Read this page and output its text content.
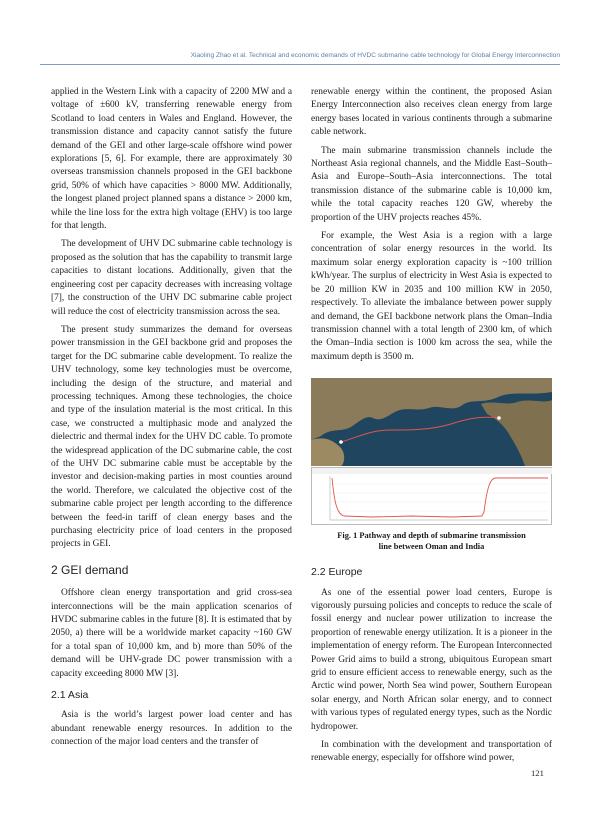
Xiaoling Zhao et al. Technical and economic demands of HVDC submarine cable technology for Global Energy Interconnection

applied in the Western Link with a capacity of 2200 MW and a voltage of ±600 kV, transferring renewable energy from Scotland to load centers in Wales and England. However, the transmission distance and capacity cannot satisfy the future demand of the GEI and other large-scale offshore wind power explorations [5, 6]. For example, there are approximately 30 overseas transmission channels proposed in the GEI backbone grid, 50% of which have capacities > 8000 MW. Additionally, the longest planed project planned spans a distance > 2000 km, while the line loss for the extra high voltage (EHV) is too large for that length.

The development of UHV DC submarine cable technology is proposed as the solution that has the capability to transmit large capacities to distant locations. Additionally, given that the engineering cost per capacity decreases with increasing voltage [7], the construction of the UHV DC submarine cable project will reduce the cost of electricity transmission across the sea.

The present study summarizes the demand for overseas power transmission in the GEI backbone grid and proposes the target for the DC submarine cable development. To realize the UHV technology, some key technologies must be overcome, including the design of the structure, and material and processing techniques. Among these technologies, the choice and type of the insulation material is the most critical. In this case, we constructed a multiphasic mode and analyzed the dielectric and thermal index for the UHV DC cable. To promote the widespread application of the DC submarine cable, the cost of the UHV DC submarine cable must be acceptable by the investor and decision-making parties in most counties around the world. Therefore, we calculated the objective cost of the submarine cable project per length according to the difference between the feed-in tariff of clean energy bases and the purchasing electricity price of load centers in the proposed projects in GEI.

2 GEI demand

Offshore clean energy transportation and grid cross-sea interconnections will be the main application scenarios of HVDC submarine cables in the future [8]. It is estimated that by 2050, a) there will be a worldwide market capacity ~160 GW for a total span of 10,000 km, and b) more than 50% of the demand will be UHV-grade DC power transmission with a capacity exceeding 8000 MW [3].

2.1 Asia

Asia is the world’s largest power load center and has abundant renewable energy resources. In addition to the connection of the major load centers and the transfer of

renewable energy within the continent, the proposed Asian Energy Interconnection also receives clean energy from large energy bases located in various continents through a submarine cable network.

The main submarine transmission channels include the Northeast Asia regional channels, and the Middle East–South–Asia and Europe–South–Asia interconnections. The total transmission distance of the submarine cable is 10,000 km, while the total capacity reaches 120 GW, whereby the proportion of the UHV projects reaches 45%.

For example, the West Asia is a region with a large concentration of solar energy resources in the world. Its maximum solar energy exploration capacity is ~100 trillion kWh/year. The surplus of electricity in West Asia is expected to be 20 million KW in 2035 and 100 million KW in 2050, respectively. To alleviate the imbalance between power supply and demand, the GEI backbone network plans the Oman–India transmission channel with a total length of 2300 km, of which the Oman–India section is 1000 km across the sea, while the maximum depth is 3500 m.

Fig. 1 Pathway and depth of submarine transmission
line between Oman and India
2.2 Europe

As one of the essential power load centers, Europe is vigorously pursuing policies and concepts to reduce the scale of fossil energy and nuclear power utilization to increase the proportion of renewable energy utilization. It is a pioneer in the implementation of energy reform. The European Interconnected Power Grid aims to build a strong, ubiquitous European smart grid to ensure efficient access to renewable energy, such as the Arctic wind power, North Sea wind power, Southern European solar energy, and North African solar energy, and to connect with various types of regulated energy types, such as the Nordic hydropower.

In combination with the development and transportation of renewable energy, especially for offshore wind power,

121
